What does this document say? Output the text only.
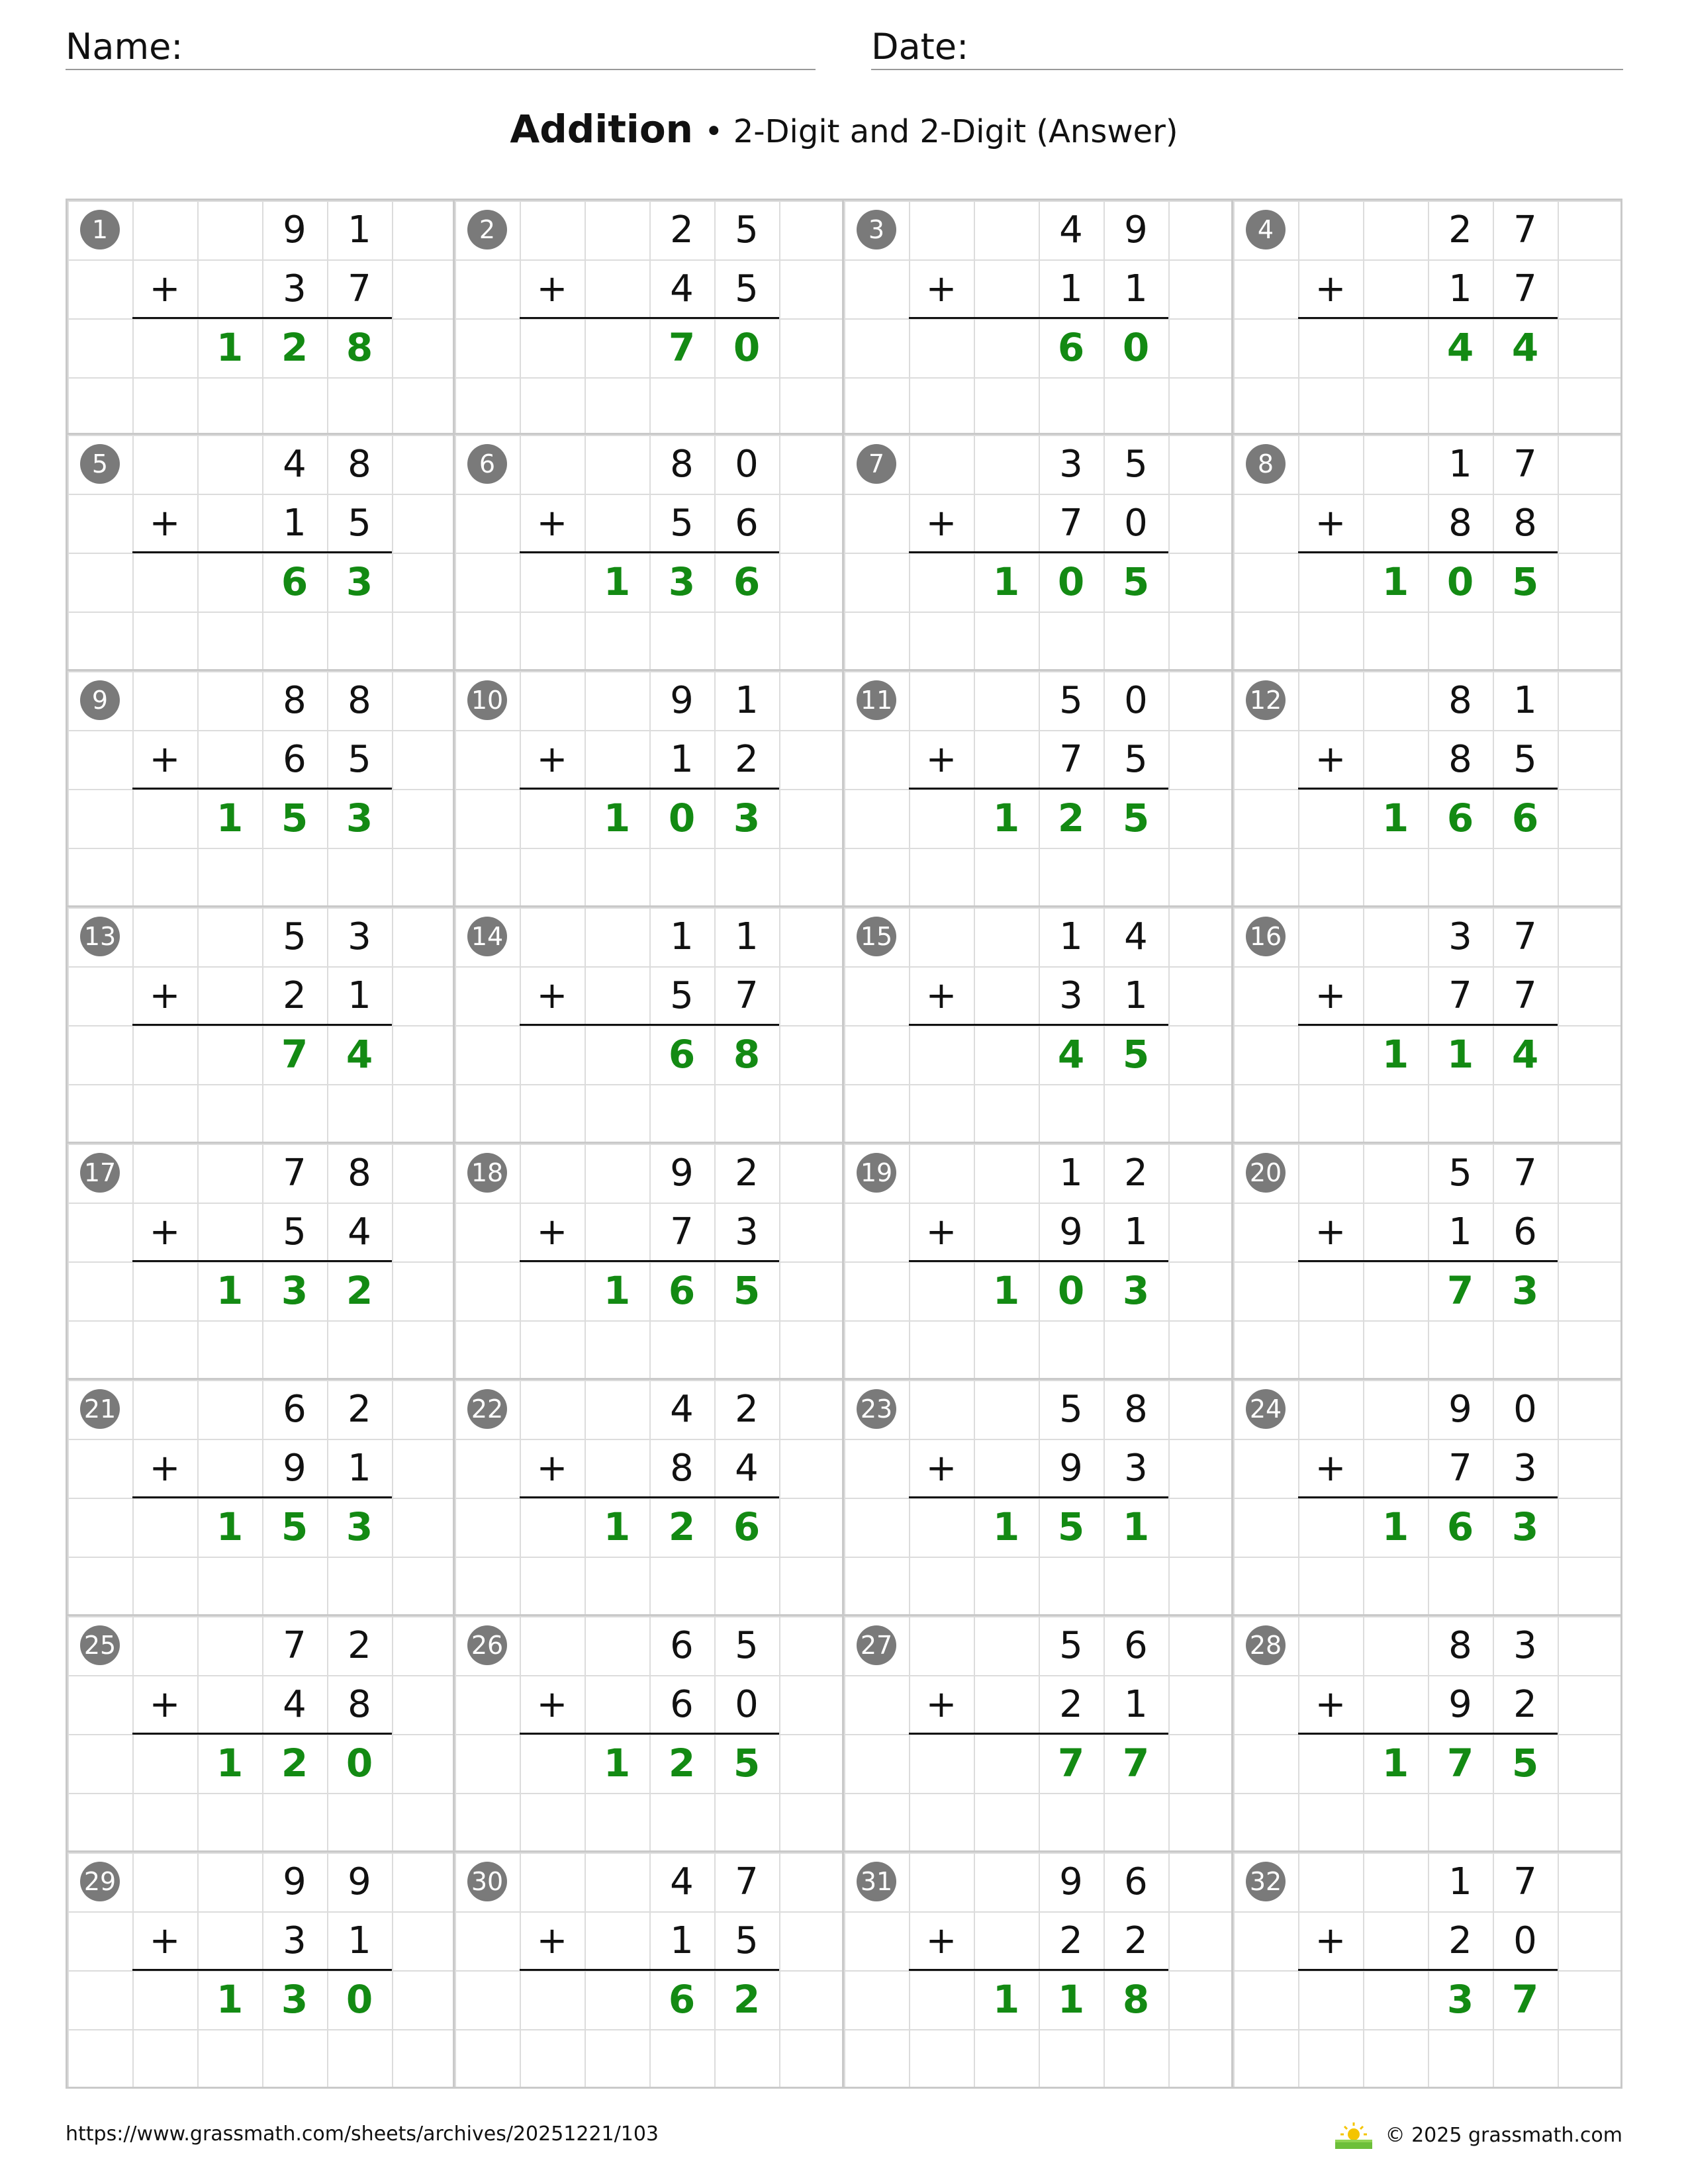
Name:	Date:
Addition • 2-Digit and 2-Digit (Answer)
1	9	1
+	3	7
1 2 8
2	2	5
+	4	5
7 0
3	4	9
+	1	1
6 0
4	2	7
+	1	7
4 4
5	4	8
+	1	5
6 3
6	8	0
+	5	6
1 3 6
7	3	5
+	7	0
1 0 5
8	1	7
+	8	8
1 0 5
9	8	8
+	6	5
1 5 3
10	9	1
+	1	2
1 0 3
11	5	0
+	7	5
1 2 5
12	8	1
+	8	5
1 6 6
13	5	3
+	2	1
7 4
14	1	1
+	5	7
6 8
15	1	4
+	3	1
4 5
16	3	7
+	7	7
1 1 4
17	7	8
+	5	4
1 3 2
18	9	2
+	7	3
1 6 5
19	1	2
+	9	1
1 0 3
20	5	7
+	1	6
7 3
21	6	2
+	9	1
1 5 3
22	4	2
+	8	4
1 2 6
23	5	8
+	9	3
1 5 1
24	9	0
+	7	3
1 6 3
25	7	2
+	4	8
1 2 0
26	6	5
+	6	0
1 2 5
27	5	6
+	2	1
7 7
28	8	3
+	9	2
1 7 5
29	9	9
+	3	1
1 3 0
30	4	7
+	1	5
6 2
31	9	6
+	2	2
1 1 8
32	1	7
+	2	0
3 7
https://www.grassmath.com/sheets/archives/20251221/103	© 2025 grassmath.com
